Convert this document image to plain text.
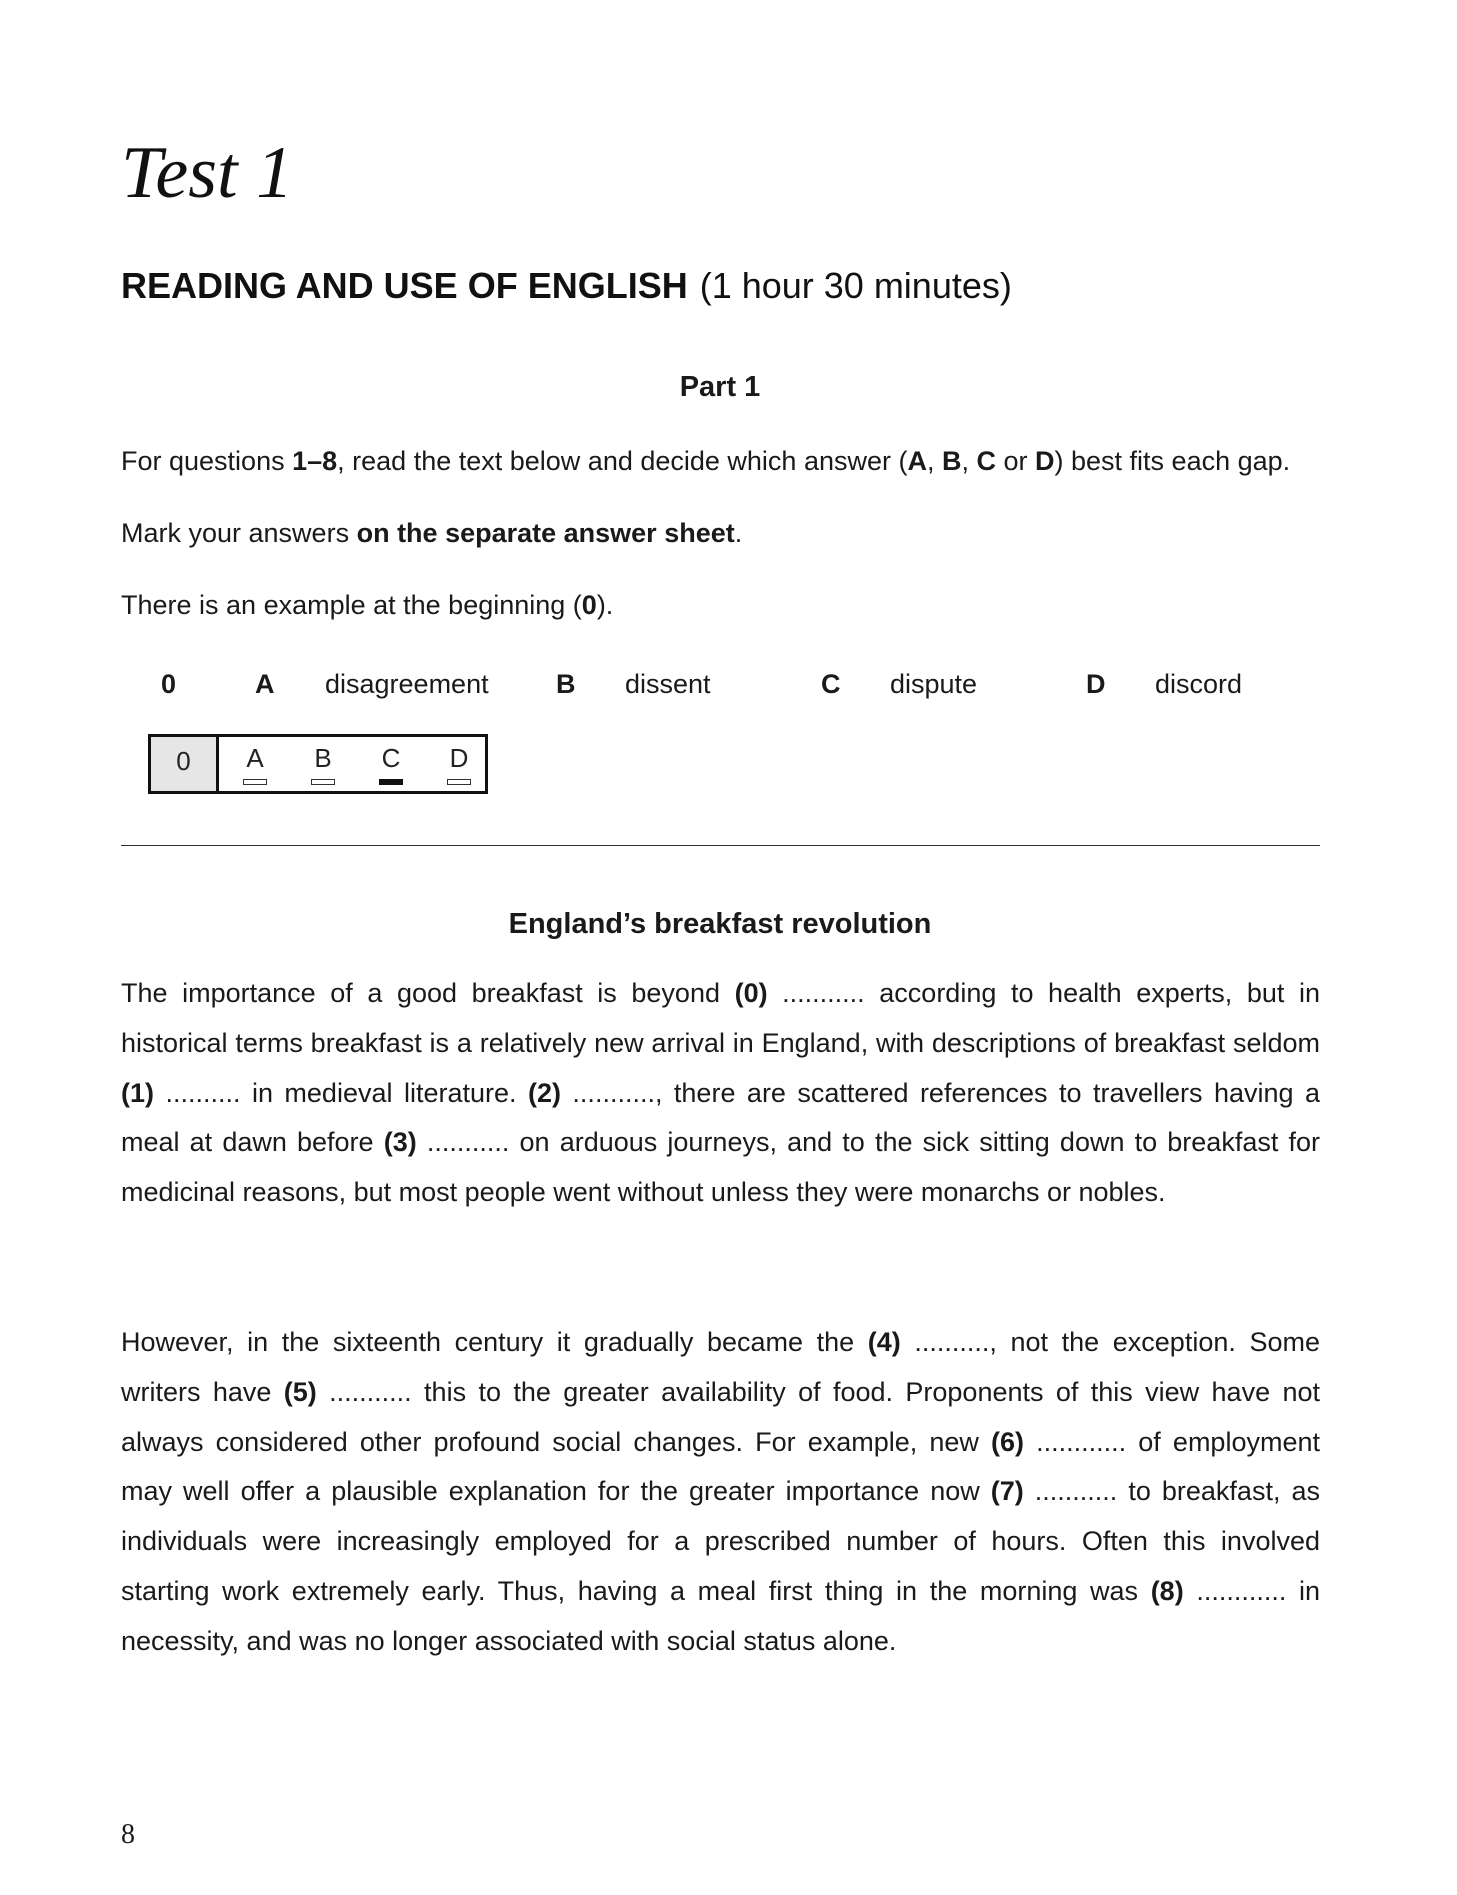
Test 1
READING AND USE OF ENGLISH (1 hour 30 minutes)
Part 1

For questions 1–8, read the text below and decide which answer (A, B, C or D) best fits each gap.

Mark your answers on the separate answer sheet.

There is an example at the beginning (0).

0	A disagreement B dissent	C dispute	D discord
0	A	B	C	D
England’s breakfast revolution

The importance of a good breakfast is beyond (0) ........... according to health experts, but in historical terms breakfast is a relatively new arrival in England, with descriptions of breakfast seldom (1) .......... in medieval literature. (2) ..........., there are scattered references to travellers having a meal at dawn before (3) ........... on arduous journeys, and to the sick sitting down to breakfast for medicinal reasons, but most people went without unless they were monarchs or nobles.

However, in the sixteenth century it gradually became the (4) .........., not the exception. Some writers have (5) ........... this to the greater availability of food. Proponents of this view have not always considered other profound social changes. For example, new (6) ............ of employment may well offer a plausible explanation for the greater importance now (7) ........... to breakfast, as individuals were increasingly employed for a prescribed number of hours. Often this involved starting work extremely early. Thus, having a meal first thing in the morning was (8) ............ in necessity, and was no longer associated with social status alone.

8
